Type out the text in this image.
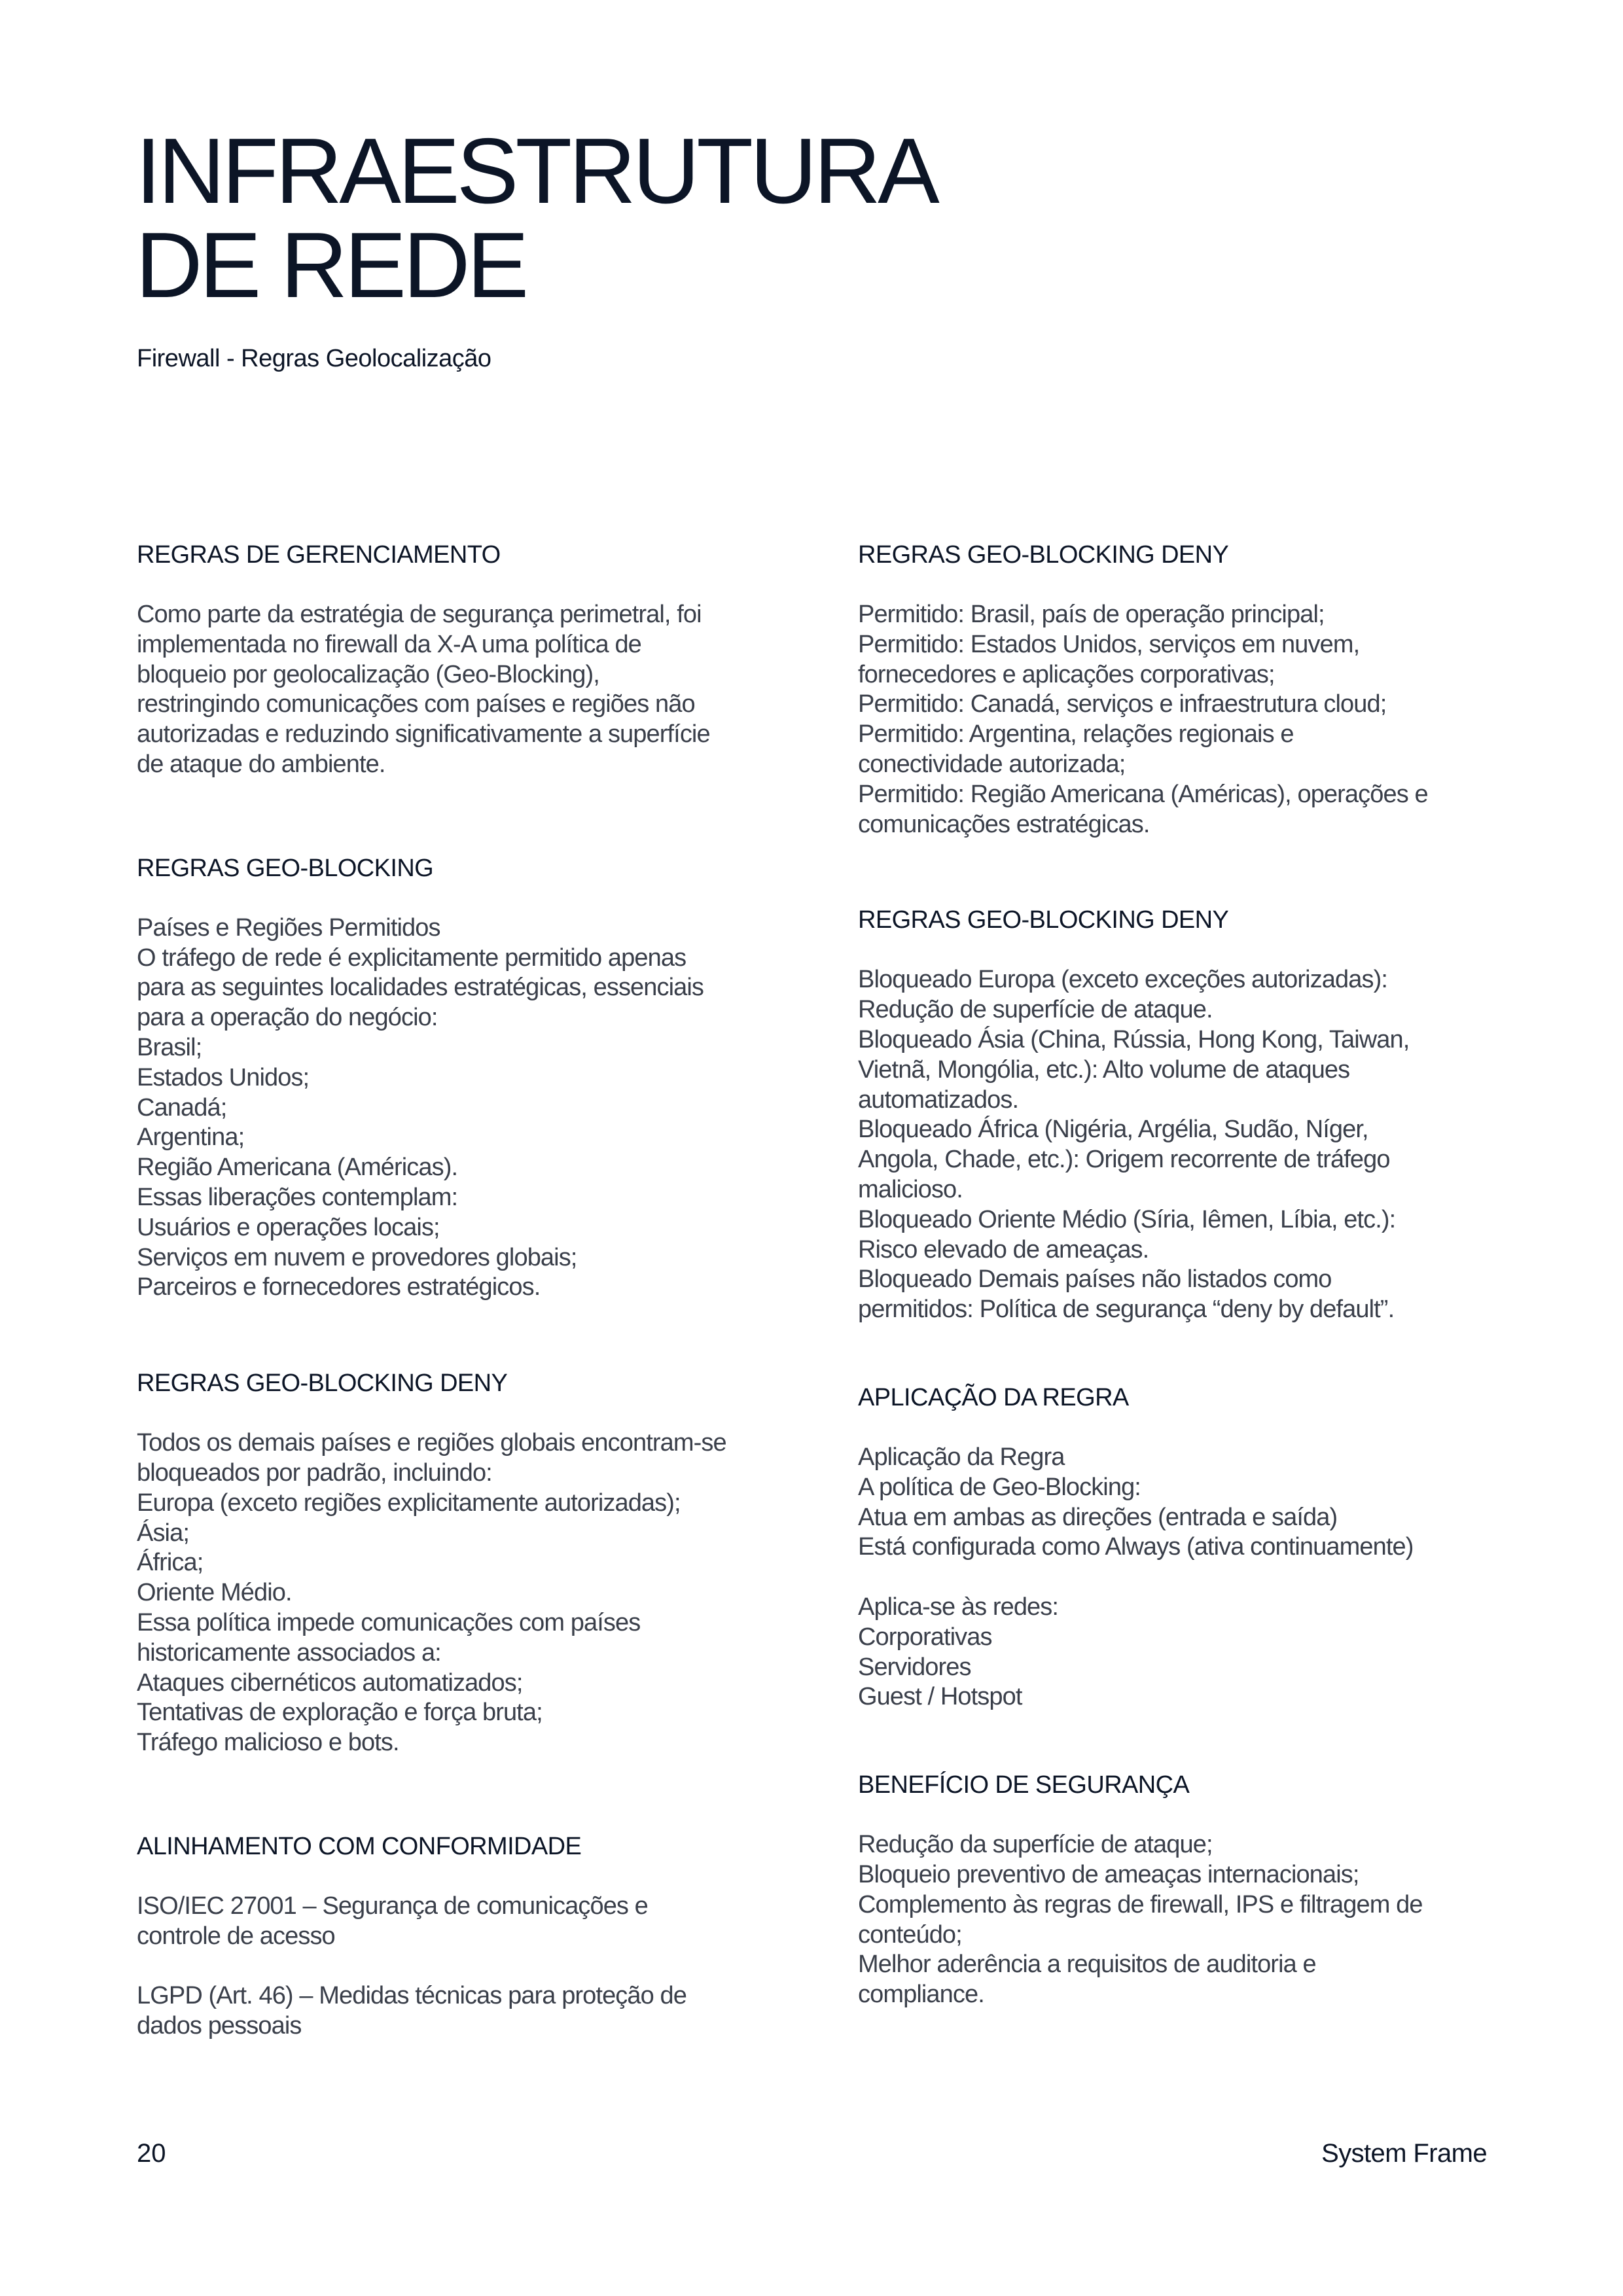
INFRAESTRUTURA
DE REDE
Firewall - Regras Geolocalização
REGRAS DE GERENCIAMENTO

Como parte da estratégia de segurança perimetral, foi
implementada no firewall da X-A uma política de
bloqueio por geolocalização (Geo-Blocking),
restringindo comunicações com países e regiões não
autorizadas e reduzindo significativamente a superfície
de ataque do ambiente.

REGRAS GEO-BLOCKING

Países e Regiões Permitidos
O tráfego de rede é explicitamente permitido apenas
para as seguintes localidades estratégicas, essenciais
para a operação do negócio:
Brasil;
Estados Unidos;
Canadá;
Argentina;
Região Americana (Américas).
Essas liberações contemplam:
Usuários e operações locais;
Serviços em nuvem e provedores globais;
Parceiros e fornecedores estratégicos.

REGRAS GEO-BLOCKING DENY

Todos os demais países e regiões globais encontram-se
bloqueados por padrão, incluindo:
Europa (exceto regiões explicitamente autorizadas);
Ásia;
África;
Oriente Médio.
Essa política impede comunicações com países
historicamente associados a:
Ataques cibernéticos automatizados;
Tentativas de exploração e força bruta;
Tráfego malicioso e bots.

ALINHAMENTO COM CONFORMIDADE

ISO/IEC 27001 – Segurança de comunicações e
controle de acesso

LGPD (Art. 46) – Medidas técnicas para proteção de
dados pessoais

REGRAS GEO-BLOCKING DENY

Permitido: Brasil, país de operação principal;
Permitido: Estados Unidos, serviços em nuvem,
fornecedores e aplicações corporativas;
Permitido: Canadá, serviços e infraestrutura cloud;
Permitido: Argentina, relações regionais e
conectividade autorizada;
Permitido: Região Americana (Américas), operações e
comunicações estratégicas.

REGRAS GEO-BLOCKING DENY

Bloqueado Europa (exceto exceções autorizadas):
Redução de superfície de ataque.
Bloqueado Ásia (China, Rússia, Hong Kong, Taiwan,
Vietnã, Mongólia, etc.): Alto volume de ataques
automatizados.
Bloqueado África (Nigéria, Argélia, Sudão, Níger,
Angola, Chade, etc.): Origem recorrente de tráfego
malicioso.
Bloqueado Oriente Médio (Síria, Iêmen, Líbia, etc.):
Risco elevado de ameaças.
Bloqueado Demais países não listados como
permitidos: Política de segurança “deny by default”.

APLICAÇÃO DA REGRA

Aplicação da Regra
A política de Geo-Blocking:
Atua em ambas as direções (entrada e saída)
Está configurada como Always (ativa continuamente)

Aplica-se às redes:
Corporativas
Servidores
Guest / Hotspot

BENEFÍCIO DE SEGURANÇA

Redução da superfície de ataque;
Bloqueio preventivo de ameaças internacionais;
Complemento às regras de firewall, IPS e filtragem de
conteúdo;
Melhor aderência a requisitos de auditoria e
compliance.

20	System Frame
